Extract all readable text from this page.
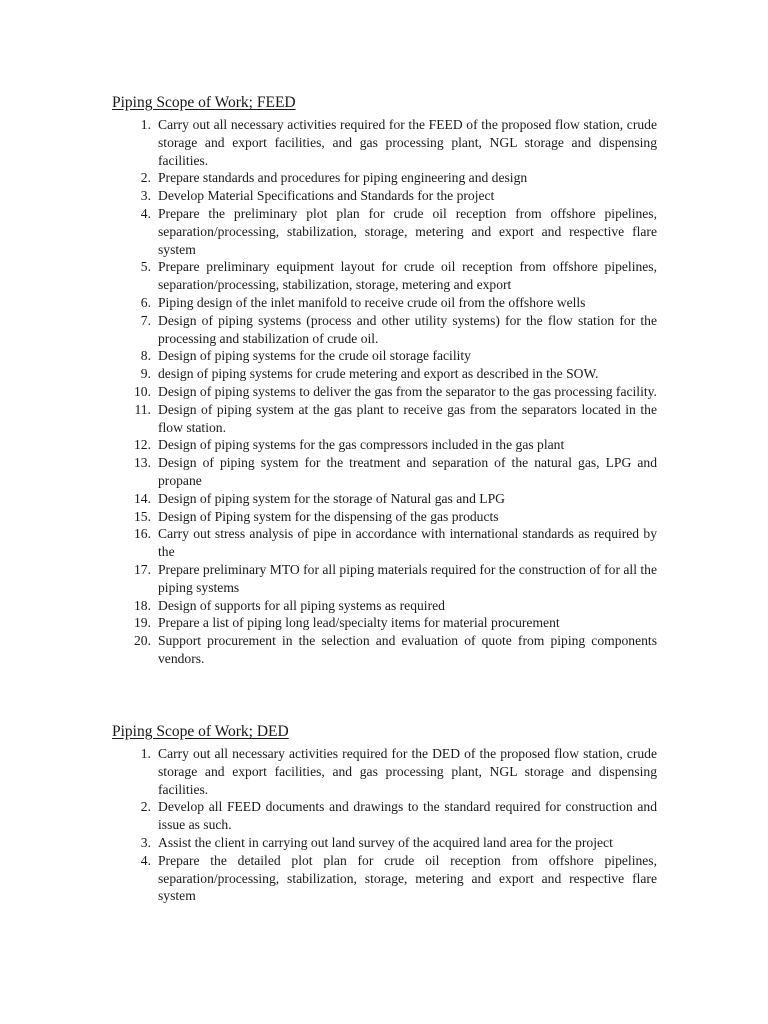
Piping Scope of Work; FEED
1. Carry out all necessary activities required for the FEED of the proposed flow station, crude storage and export facilities, and gas processing plant, NGL storage and dispensing facilities.
2. Prepare standards and procedures for piping engineering and design
3. Develop Material Specifications and Standards for the project
4. Prepare the preliminary plot plan for crude oil reception from offshore pipelines, separation/processing, stabilization, storage, metering and export and respective flare system
5. Prepare preliminary equipment layout for crude oil reception from offshore pipelines, separation/processing, stabilization, storage, metering and export
6. Piping design of the inlet manifold to receive crude oil from the offshore wells
7. Design of piping systems (process and other utility systems) for the flow station for the processing and stabilization of crude oil.
8. Design of piping systems for the crude oil storage facility
9. design of piping systems for crude metering and export as described in the SOW.
10. Design of piping systems to deliver the gas from the separator to the gas processing facility.
11. Design of piping system at the gas plant to receive gas from the separators located in the flow station.
12. Design of piping systems for the gas compressors included in the gas plant
13. Design of piping system for the treatment and separation of the natural gas, LPG and propane
14. Design of piping system for the storage of Natural gas and LPG
15. Design of Piping system for the dispensing of the gas products
16. Carry out stress analysis of pipe in accordance with international standards as required by the
17. Prepare preliminary MTO for all piping materials required for the construction of for all the piping systems
18. Design of supports for all piping systems as required
19. Prepare a list of piping long lead/specialty items for material procurement
20. Support procurement in the selection and evaluation of quote from piping components vendors.
Piping Scope of Work; DED
1. Carry out all necessary activities required for the DED of the proposed flow station, crude storage and export facilities, and gas processing plant, NGL storage and dispensing facilities.
2. Develop all FEED documents and drawings to the standard required for construction and issue as such.
3. Assist the client in carrying out land survey of the acquired land area for the project
4. Prepare the detailed plot plan for crude oil reception from offshore pipelines, separation/processing, stabilization, storage, metering and export and respective flare system
